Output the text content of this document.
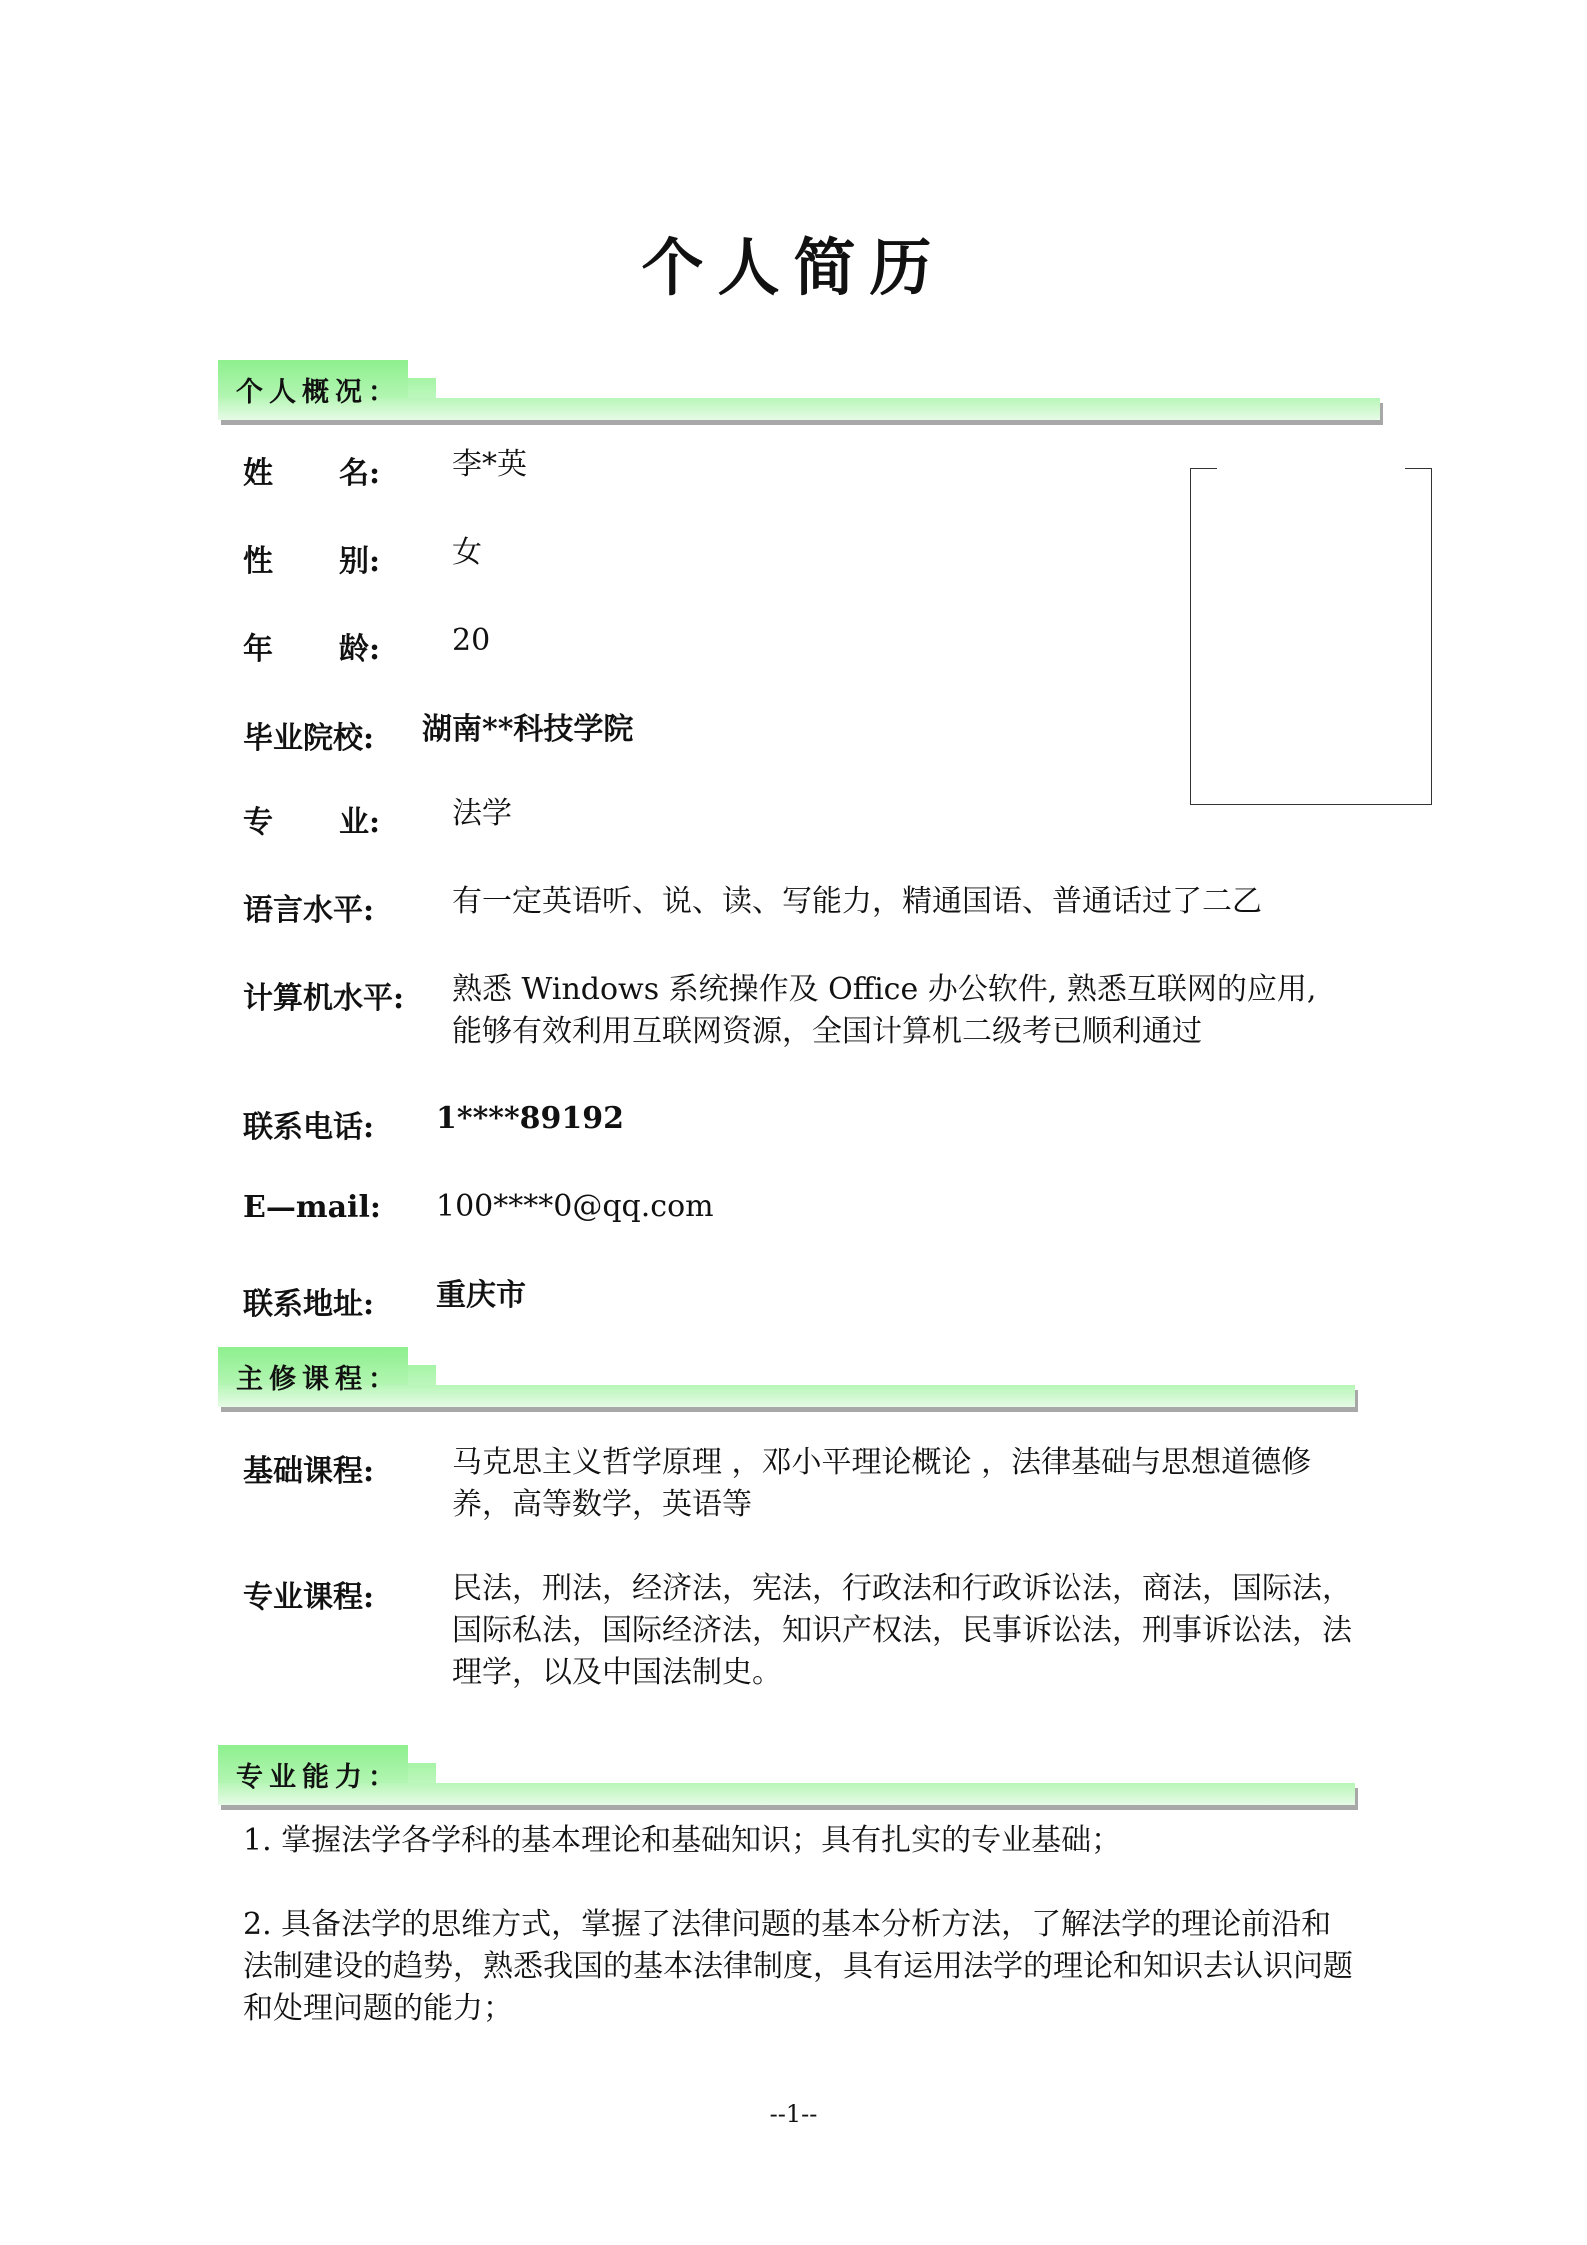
个人简历
个人概况：
姓 名: 李*英
性 别: 女
年 龄: 20
毕业院校: 湖南**科技学院
专 业: 法学
语言水平:	有一定英语听、说、读、写能力，精通国语、普通话过了二乙
计算机水平: 熟悉 Windows 系统操作及 Office 办公软件, 熟悉互联网的应用,
能够有效利用互联网资源，全国计算机二级考已顺利通过
联系电话: 1****89192
E—mail: 100****0@qq.com
联系地址: 重庆市
主修课程：
基础课程:	马克思主义哲学原理 ，邓小平理论概论 ，法律基础与思想道德修养，高等数学，英语等
专业课程:	民法，刑法，经济法，宪法，行政法和行政诉讼法，商法，国际法，国际私法，国际经济法，知识产权法，民事诉讼法，刑事诉讼法，法理学，以及中国法制史。
专业能力：
1. 掌握法学各学科的基本理论和基础知识；具有扎实的专业基础；
2. 具备法学的思维方式，掌握了法律问题的基本分析方法，了解法学的理论前沿和法制建设的趋势，熟悉我国的基本法律制度，具有运用法学的理论和知识去认识问题和处理问题的能力；
--1--
